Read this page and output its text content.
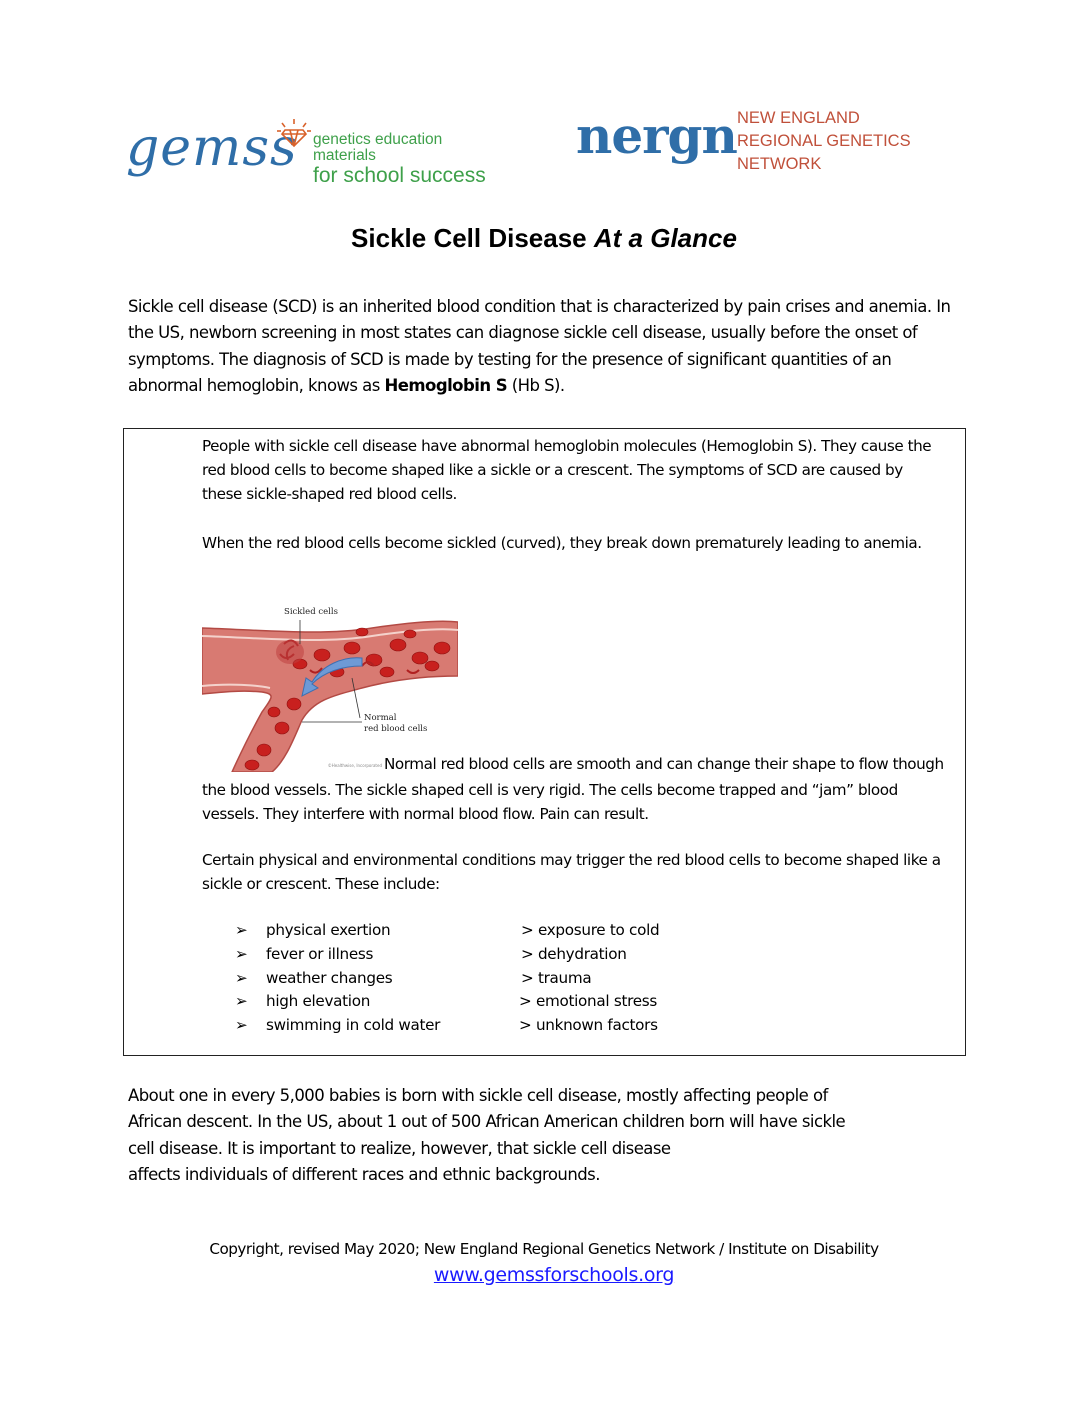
gemss genetics education materials
for school success
nergn NEW ENGLAND
REGIONAL GENETICS
NETWORK
Sickle Cell Disease At a Glance
Sickle cell disease (SCD) is an inherited blood condition that is characterized by pain crises and anemia. In the US, newborn screening in most states can diagnose sickle cell disease, usually before the onset of symptoms. The diagnosis of SCD is made by testing for the presence of significant quantities of an abnormal hemoglobin, knows as Hemoglobin S (Hb S).
People with sickle cell disease have abnormal hemoglobin molecules (Hemoglobin S). They cause the red blood cells to become shaped like a sickle or a crescent. The symptoms of SCD are caused by these sickle-shaped red blood cells.
When the red blood cells become sickled (curved), they break down prematurely leading to anemia.
Sickled cells
Normal
red blood cells
©Healthwise, Incorporated Normal red blood cells are smooth and can change their shape to flow though the blood vessels. The sickle shaped cell is very rigid. The cells become trapped and “jam” blood vessels. They interfere with normal blood flow. Pain can result.
Certain physical and environmental conditions may trigger the red blood cells to become shaped like a sickle or crescent. These include:
➢ physical exertion	> exposure to cold
➢ fever or illness	> dehydration
➢ weather changes	> trauma
➢ high elevation	> emotional stress
➢ swimming in cold water	> unknown factors
About one in every 5,000 babies is born with sickle cell disease, mostly affecting people of
African descent. In the US, about 1 out of 500 African American children born will have sickle
cell disease. It is important to realize, however, that sickle cell disease
affects individuals of different races and ethnic backgrounds.
Copyright, revised May 2020; New England Regional Genetics Network / Institute on Disability
www.gemssforschools.org
